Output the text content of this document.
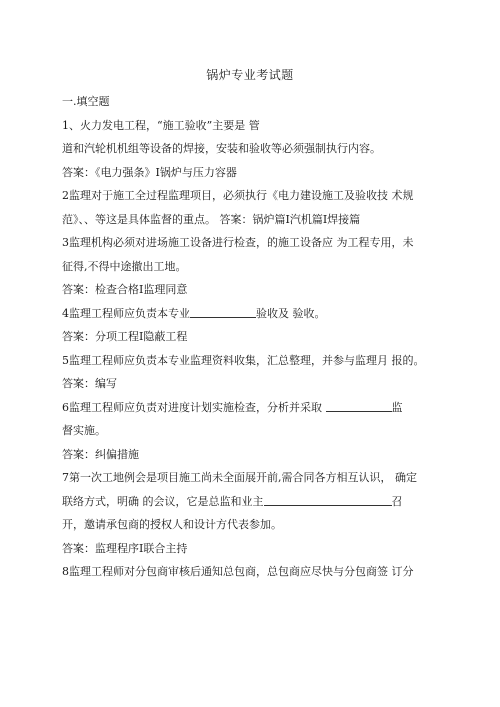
锅炉专业考试题
一.填空题
1、火力发电工程，“施工验收”主要是 管
道和汽轮机机组等设备的焊接，安装和验收等必须强制执行内容。
答案：《电力强条》I锅炉与压力容器
2监理对于施工全过程监理项目，必须执行《电力建设施工及验收技 术规
范》、、等这是具体监督的重点。 答案：锅炉篇I汽机篇I焊接篇
3监理机构必须对进场施工设备进行检查，的施工设备应 为工程专用，未
征得,不得中途撤出工地。
答案：检查合格I监理同意
4监理工程师应负责本专业	验收及 验收。
答案：分项工程I隐蔽工程
5监理工程师应负责本专业监理资料收集，汇总整理，并参与监理月 报的。
答案：编写
6监理工程师应负责对进度计划实施检查，分析并采取	监
督实施。
答案：纠偏措施
7第一次工地例会是项目施工尚未全面展开前,需合同各方相互认识， 确定
联络方式，明确 的会议，它是总监和业主	召
开，邀请承包商的授权人和设计方代表参加。
答案：监理程序I联合主持
8监理工程师对分包商审核后通知总包商，总包商应尽快与分包商签 订分
